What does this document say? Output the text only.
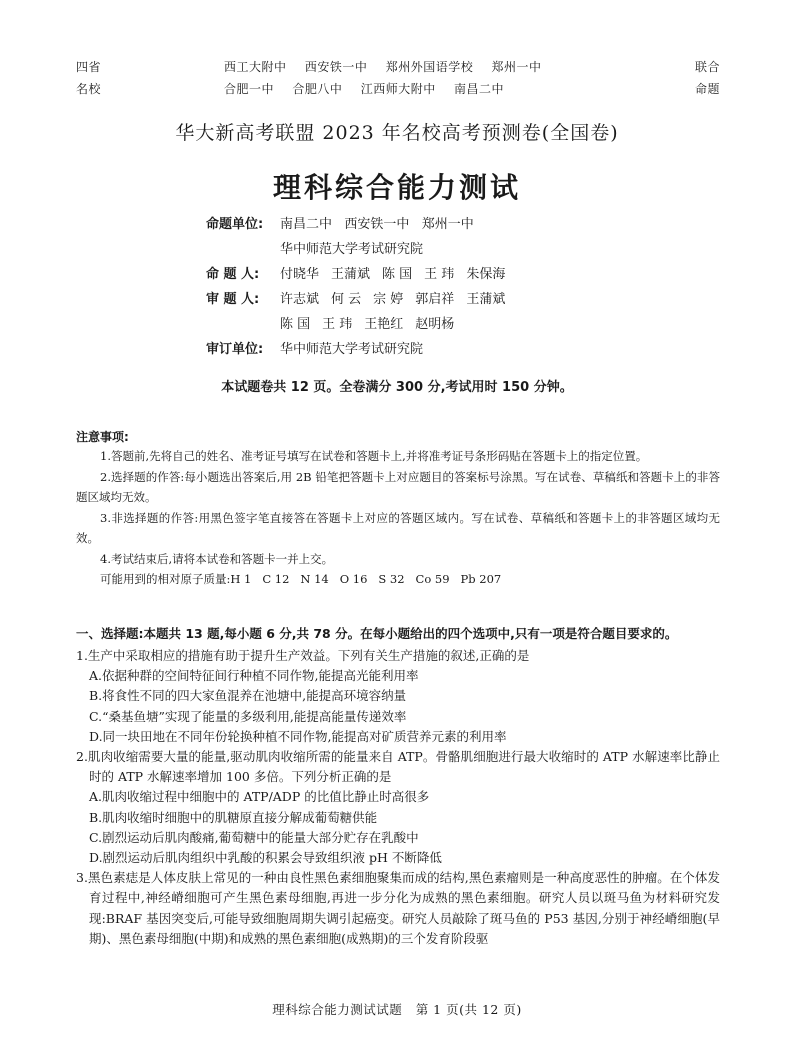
四省
名校
西工大附中 西安铁一中 郑州外国语学校 郑州一中
合肥一中 合肥八中 江西师大附中 南昌二中
联合
命题
华大新高考联盟 2023 年名校高考预测卷(全国卷)
理科综合能力测试
命题单位: 南昌二中   西安铁一中   郑州一中
华中师范大学考试研究院
命 题 人: 付晓华 王蒲斌 陈 国 王 玮 朱保海
审 题 人: 许志斌 何 云 宗 婷 郭启祥 王蒲斌
陈 国 王 玮 王艳红 赵明杨
审订单位: 华中师范大学考试研究院
本试题卷共 12 页。全卷满分 300 分,考试用时 150 分钟。
注意事项:

1.答题前,先将自己的姓名、准考证号填写在试卷和答题卡上,并将准考证号条形码贴在答题卡上的指定位置。

2.选择题的作答:每小题选出答案后,用 2B 铅笔把答题卡上对应题目的答案标号涂黑。写在试卷、草稿纸和答题卡上的非答题区域均无效。

3.非选择题的作答:用黑色签字笔直接答在答题卡上对应的答题区域内。写在试卷、草稿纸和答题卡上的非答题区域均无效。

4.考试结束后,请将本试卷和答题卡一并上交。

可能用到的相对原子质量:H 1   C 12   N 14   O 16   S 32   Co 59   Pb 207

一、选择题:本题共 13 题,每小题 6 分,共 78 分。在每小题给出的四个选项中,只有一项是符合题目要求的。

1.生产中采取相应的措施有助于提升生产效益。下列有关生产措施的叙述,正确的是

A.依据种群的空间特征间行种植不同作物,能提高光能利用率

B.将食性不同的四大家鱼混养在池塘中,能提高环境容纳量

C.“桑基鱼塘”实现了能量的多级利用,能提高能量传递效率

D.同一块田地在不同年份轮换种植不同作物,能提高对矿质营养元素的利用率

2.肌肉收缩需要大量的能量,驱动肌肉收缩所需的能量来自 ATP。骨骼肌细胞进行最大收缩时的 ATP 水解速率比静止时的 ATP 水解速率增加 100 多倍。下列分析正确的是

A.肌肉收缩过程中细胞中的 ATP/ADP 的比值比静止时高很多

B.肌肉收缩时细胞中的肌糖原直接分解成葡萄糖供能

C.剧烈运动后肌肉酸痛,葡萄糖中的能量大部分贮存在乳酸中

D.剧烈运动后肌肉组织中乳酸的积累会导致组织液 pH 不断降低

3.黑色素痣是人体皮肤上常见的一种由良性黑色素细胞聚集而成的结构,黑色素瘤则是一种高度恶性的肿瘤。在个体发育过程中,神经嵴细胞可产生黑色素母细胞,再进一步分化为成熟的黑色素细胞。研究人员以斑马鱼为材料研究发现:BRAF 基因突变后,可能导致细胞周期失调引起癌变。研究人员敲除了斑马鱼的 P53 基因,分别于神经嵴细胞(早期)、黑色素母细胞(中期)和成熟的黑色素细胞(成熟期)的三个发育阶段驱

理科综合能力测试试题   第 1 页(共 12 页)
